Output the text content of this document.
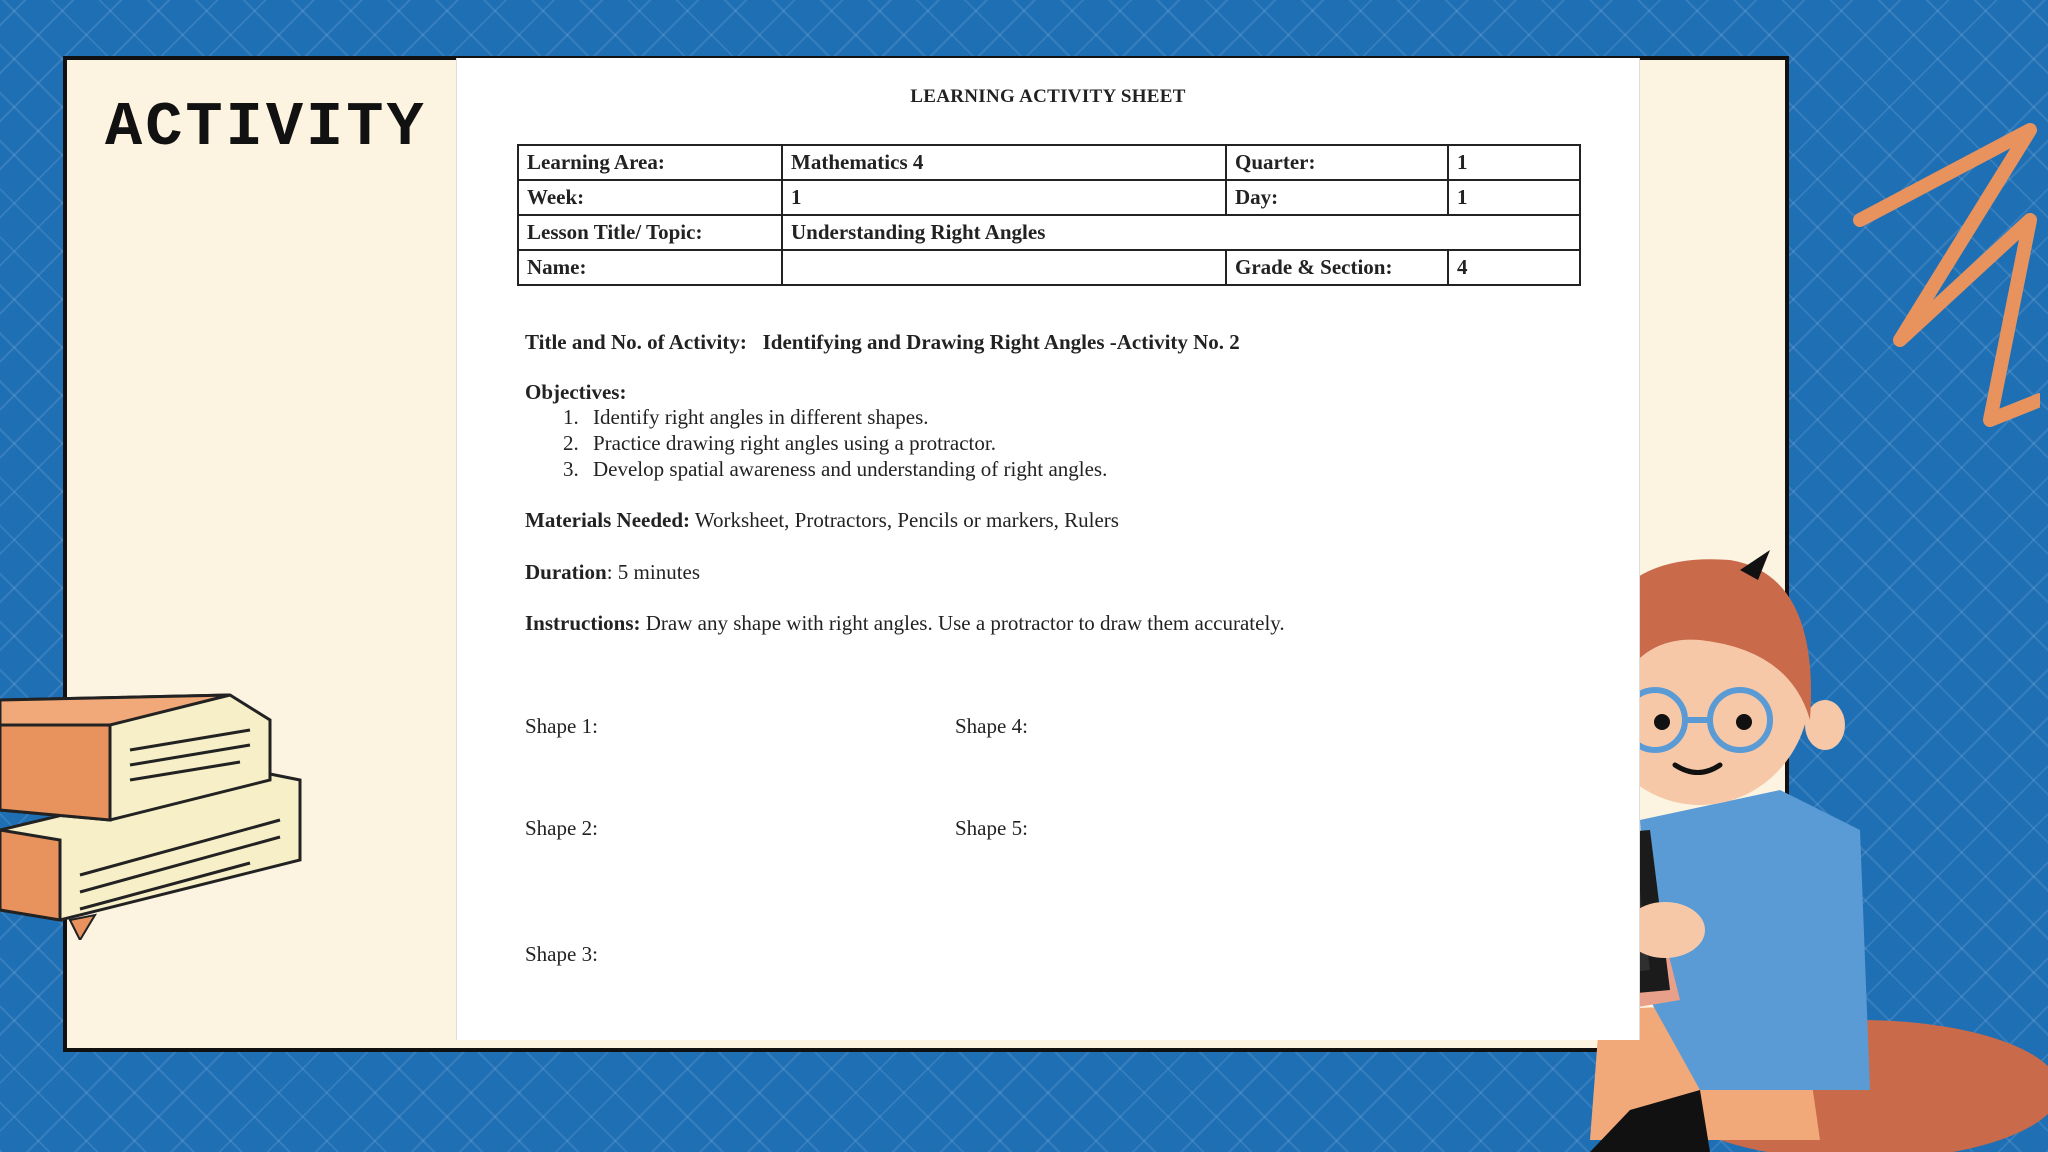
ACTIVITY	LEARNING ACTIVITY SHEET
Learning Area:	Mathematics 4	Quarter:	1
Week:	1	Day:	1
Lesson Title/ Topic:	Understanding Right Angles		
Name:		Grade & Section:	4
Title and No. of Activity: Identifying and Drawing Right Angles -Activity No. 2
Objectives:
1. Identify right angles in different shapes.
2. Practice drawing right angles using a protractor.
3. Develop spatial awareness and understanding of right angles.
Materials Needed: Worksheet, Protractors, Pencils or markers, Rulers
Duration: 5 minutes
Instructions: Draw any shape with right angles. Use a protractor to draw them accurately.
Shape 1:
Shape 2:
Shape 3:
Shape 4:
Shape 5:
